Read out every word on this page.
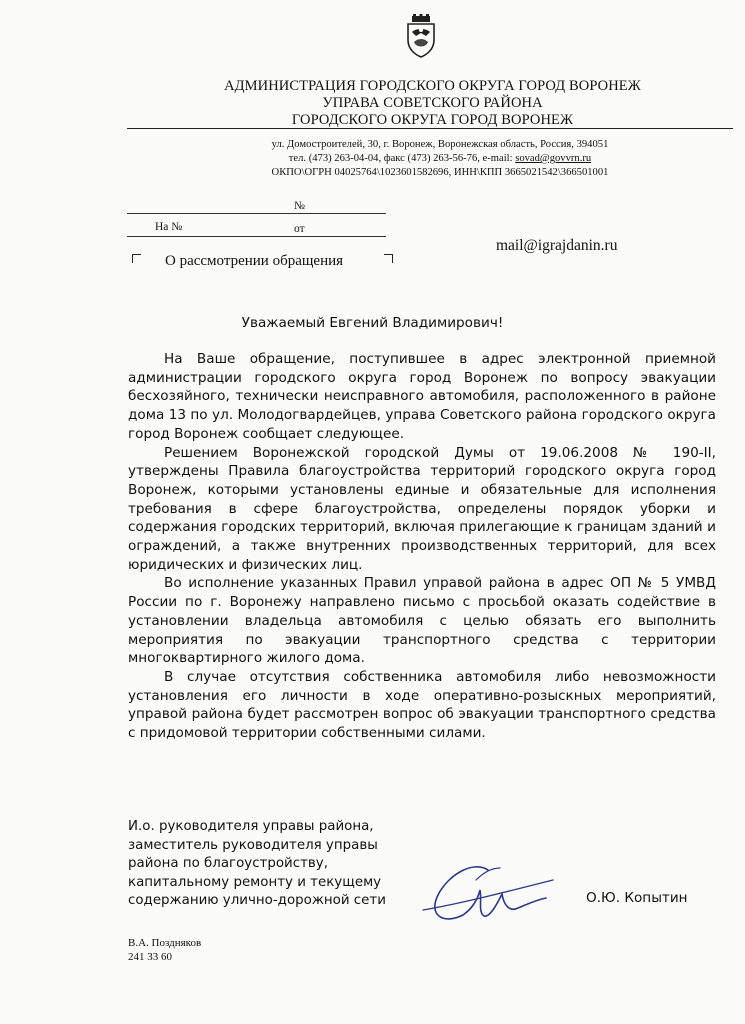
АДМИНИСТРАЦИЯ ГОРОДСКОГО ОКРУГА ГОРОД ВОРОНЕЖ
УПРАВА СОВЕТСКОГО РАЙОНА
ГОРОДСКОГО ОКРУГА ГОРОД ВОРОНЕЖ
ул. Домостроителей, 30, г. Воронеж, Воронежская область, Россия, 394051
тел. (473) 263-04-04, факс (473) 263-56-76, e-mail: sovad@govvrn.ru
ОКПО\ОГРН 04025764\1023601582696, ИНН\КПП 3665021542\366501001
№
На №	от
О рассмотрении обращения
mail@igrajdanin.ru
Уважаемый Евгений Владимирович!

На Ваше обращение, поступившее в адрес электронной приемной администрации городского округа город Воронеж по вопросу эвакуации бесхозяйного, технически неисправного автомобиля, расположенного в районе дома 13 по ул. Молодогвардейцев, управа Советского района городского округа город Воронеж сообщает следующее.

Решением Воронежской городской Думы от 19.06.2008 № 190-II, утверждены Правила благоустройства территорий городского округа город Воронеж, которыми установлены единые и обязательные для исполнения требования в сфере благоустройства, определены порядок уборки и содержания городских территорий, включая прилегающие к границам зданий и ограждений, а также внутренних производственных территорий, для всех юридических и физических лиц.

Во исполнение указанных Правил управой района в адрес ОП № 5 УМВД России по г. Воронежу направлено письмо с просьбой оказать содействие в установлении владельца автомобиля с целью обязать его выполнить мероприятия по эвакуации транспортного средства с территории многоквартирного жилого дома.

В случае отсутствия собственника автомобиля либо невозможности установления его личности в ходе оперативно-розыскных мероприятий, управой района будет рассмотрен вопрос об эвакуации транспортного средства с придомовой территории собственными силами.

И.о. руководителя управы района,
заместитель руководителя управы
района по благоустройству,
капитальному ремонту и текущему
содержанию улично-дорожной сети	О.Ю. Копытин
В.А. Поздняков
241 33 60
